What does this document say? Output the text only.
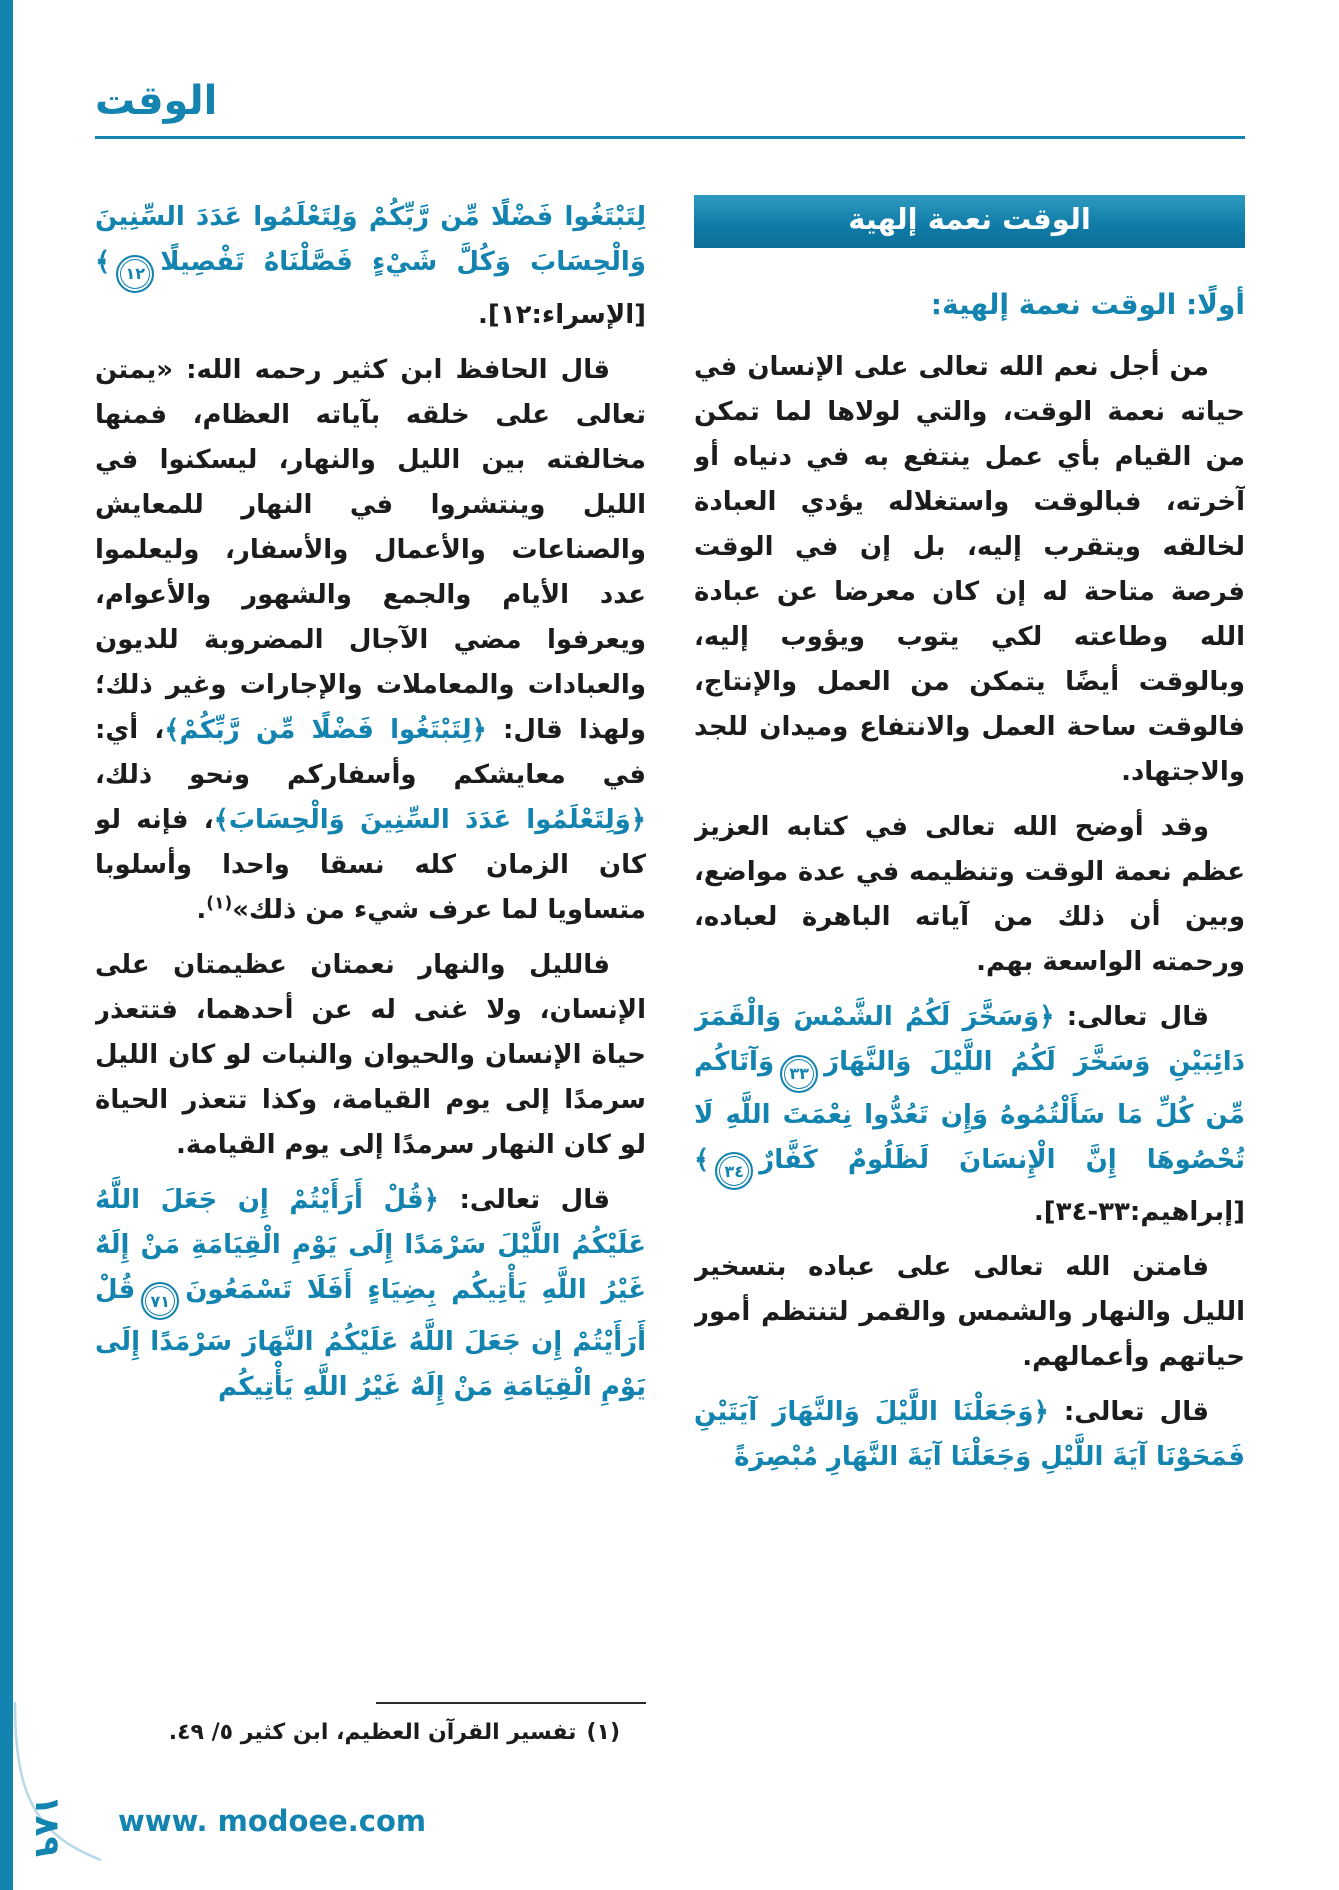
الوقت
الوقت نعمة إلهية

أولًا: الوقت نعمة إلهية:

من أجل نعم الله تعالى على الإنسان في حياته نعمة الوقت، والتي لولاها لما تمكن من القيام بأي عمل ينتفع به في دنياه أو آخرته، فبالوقت واستغلاله يؤدي العبادة لخالقه ويتقرب إليه، بل إن في الوقت فرصة متاحة له إن كان معرضا عن عبادة الله وطاعته لكي يتوب ويؤوب إليه، وبالوقت أيضًا يتمكن من العمل والإنتاج، فالوقت ساحة العمل والانتفاع وميدان للجد والاجتهاد.

وقد أوضح الله تعالى في كتابه العزيز عظم نعمة الوقت وتنظيمه في عدة مواضع، وبين أن ذلك من آياته الباهرة لعباده، ورحمته الواسعة بهم.

قال تعالى: ﴿وَسَخَّرَ لَكُمُ الشَّمْسَ وَالْقَمَرَ دَائِبَيْنِ وَسَخَّرَ لَكُمُ اللَّيْلَ وَالنَّهَارَ٣٣وَآتَاكُم مِّن كُلِّ مَا سَأَلْتُمُوهُ وَإِن تَعُدُّوا نِعْمَتَ اللَّهِ لَا تُحْصُوهَا إِنَّ الْإِنسَانَ لَظَلُومٌ كَفَّارٌ٣٤﴾ [إبراهيم:٣٣-٣٤].

فامتن الله تعالى على عباده بتسخير الليل والنهار والشمس والقمر لتنتظم أمور حياتهم وأعمالهم.

قال تعالى: ﴿وَجَعَلْنَا اللَّيْلَ وَالنَّهَارَ آيَتَيْنِ فَمَحَوْنَا آيَةَ اللَّيْلِ وَجَعَلْنَا آيَةَ النَّهَارِ مُبْصِرَةً

لِتَبْتَغُوا فَضْلًا مِّن رَّبِّكُمْ وَلِتَعْلَمُوا عَدَدَ السِّنِينَ وَالْحِسَابَ وَكُلَّ شَيْءٍ فَصَّلْنَاهُ تَفْصِيلًا١٢﴾ [الإسراء:١٢].

قال الحافظ ابن كثير رحمه الله: «يمتن تعالى على خلقه بآياته العظام، فمنها مخالفته بين الليل والنهار، ليسكنوا في الليل وينتشروا في النهار للمعايش والصناعات والأعمال والأسفار، وليعلموا عدد الأيام والجمع والشهور والأعوام، ويعرفوا مضي الآجال المضروبة للديون والعبادات والمعاملات والإجارات وغير ذلك؛ ولهذا قال: ﴿لِتَبْتَغُوا فَضْلًا مِّن رَّبِّكُمْ﴾، أي: في معايشكم وأسفاركم ونحو ذلك، ﴿وَلِتَعْلَمُوا عَدَدَ السِّنِينَ وَالْحِسَابَ﴾، فإنه لو كان الزمان كله نسقا واحدا وأسلوبا متساويا لما عرف شيء من ذلك»$^{(١)}$.

فالليل والنهار نعمتان عظيمتان على الإنسان، ولا غنى له عن أحدهما، فتتعذر حياة الإنسان والحيوان والنبات لو كان الليل سرمدًا إلى يوم القيامة، وكذا تتعذر الحياة لو كان النهار سرمدًا إلى يوم القيامة.

قال تعالى: ﴿قُلْ أَرَأَيْتُمْ إِن جَعَلَ اللَّهُ عَلَيْكُمُ اللَّيْلَ سَرْمَدًا إِلَى يَوْمِ الْقِيَامَةِ مَنْ إِلَهٌ غَيْرُ اللَّهِ يَأْتِيكُم بِضِيَاءٍ أَفَلَا تَسْمَعُونَ٧١قُلْ أَرَأَيْتُمْ إِن جَعَلَ اللَّهُ عَلَيْكُمُ النَّهَارَ سَرْمَدًا إِلَى يَوْمِ الْقِيَامَةِ مَنْ إِلَهٌ غَيْرُ اللَّهِ يَأْتِيكُم

(١)تفسير القرآن العظيم، ابن كثير ٥/ ٤٩.

١٨٩ www. modoee.com
